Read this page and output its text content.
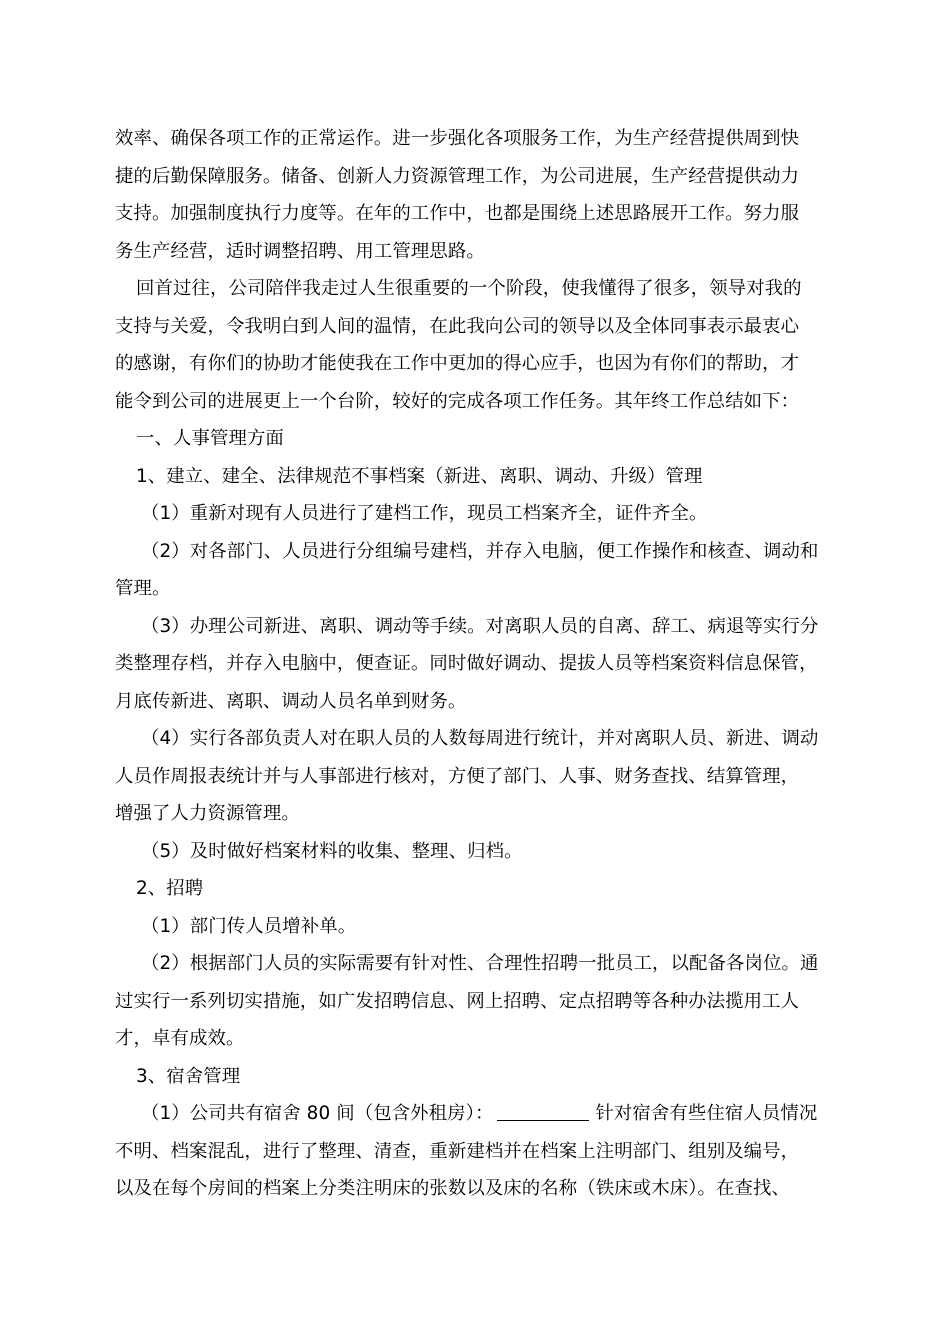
效率、确保各项工作的正常运作。进一步强化各项服务工作，为生产经营提供周到快
捷的后勤保障服务。储备、创新人力资源管理工作，为公司进展，生产经营提供动力
支持。加强制度执行力度等。在年的工作中，也都是围绕上述思路展开工作。努力服
务生产经营，适时调整招聘、用工管理思路。
回首过往，公司陪伴我走过人生很重要的一个阶段，使我懂得了很多，领导对我的
支持与关爱，令我明白到人间的温情，在此我向公司的领导以及全体同事表示最衷心
的感谢，有你们的协助才能使我在工作中更加的得心应手，也因为有你们的帮助，才
能令到公司的进展更上一个台阶，较好的完成各项工作任务。其年终工作总结如下：
一、人事管理方面
1、建立、建全、法律规范不事档案（新进、离职、调动、升级）管理
（1）重新对现有人员进行了建档工作，现员工档案齐全，证件齐全。
（2）对各部门、人员进行分组编号建档，并存入电脑，便工作操作和核查、调动和
管理。
（3）办理公司新进、离职、调动等手续。对离职人员的自离、辞工、病退等实行分
类整理存档，并存入电脑中，便查证。同时做好调动、提拔人员等档案资料信息保管，
月底传新进、离职、调动人员名单到财务。
（4）实行各部负责人对在职人员的人数每周进行统计，并对离职人员、新进、调动
人员作周报表统计并与人事部进行核对，方便了部门、人事、财务查找、结算管理，
增强了人力资源管理。
（5）及时做好档案材料的收集、整理、归档。
2、招聘
（1）部门传人员增补单。
（2）根据部门人员的实际需要有针对性、合理性招聘一批员工，以配备各岗位。通
过实行一系列切实措施，如广发招聘信息、网上招聘、定点招聘等各种办法揽用工人
才，卓有成效。
3、宿舍管理
（1）公司共有宿舍 80 间（包含外租房）：	针对宿舍有些住宿人员情况
不明、档案混乱，进行了整理、清查，重新建档并在档案上注明部门、组别及编号，
以及在每个房间的档案上分类注明床的张数以及床的名称（铁床或木床）。在查找、
